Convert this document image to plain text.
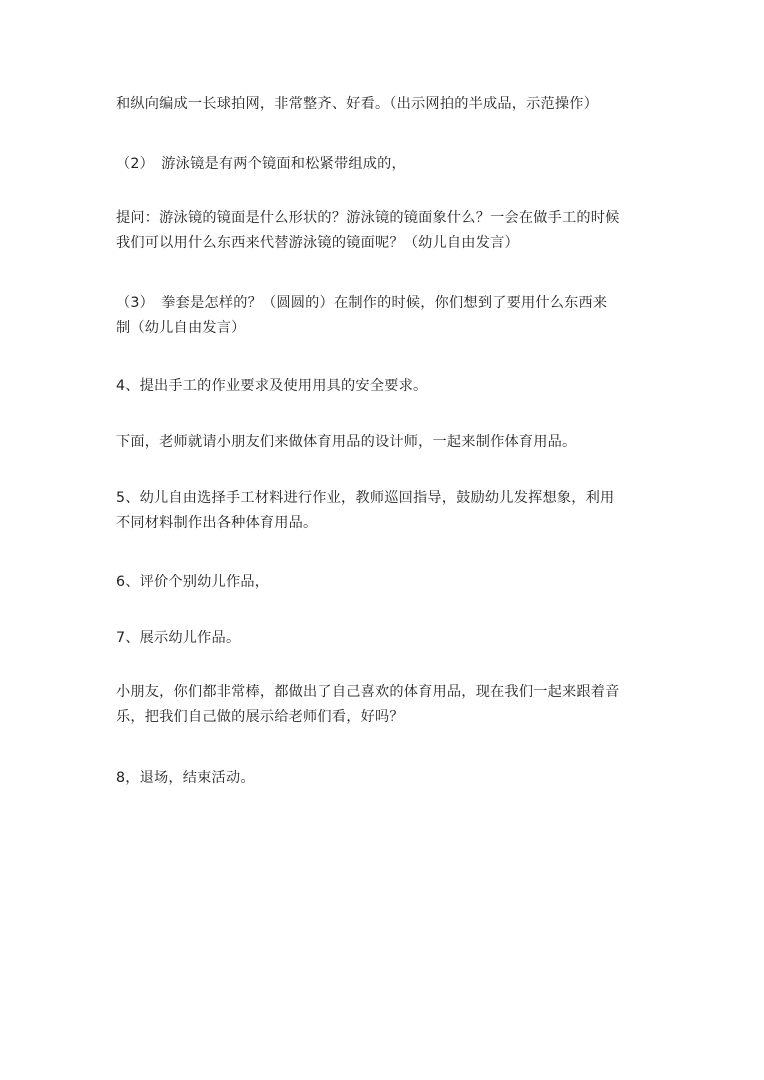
和纵向编成一长球拍网，非常整齐、好看。（出示网拍的半成品，示范操作）

（2）　游泳镜是有两个镜面和松紧带组成的，

提问：游泳镜的镜面是什么形状的？游泳镜的镜面象什么？一会在做手工的时候
我们可以用什么东西来代替游泳镜的镜面呢？（幼儿自由发言）

（3）　拳套是怎样的？（圆圆的）在制作的时候，你们想到了要用什么东西来
制（幼儿自由发言）

4、提出手工的作业要求及使用用具的安全要求。

下面，老师就请小朋友们来做体育用品的设计师，一起来制作体育用品。

5、幼儿自由选择手工材料进行作业，教师巡回指导，鼓励幼儿发挥想象，利用
不同材料制作出各种体育用品。

6、评价个别幼儿作品，

7、展示幼儿作品。

小朋友，你们都非常棒，都做出了自己喜欢的体育用品，现在我们一起来跟着音
乐，把我们自己做的展示给老师们看，好吗？

8，退场，结束活动。
